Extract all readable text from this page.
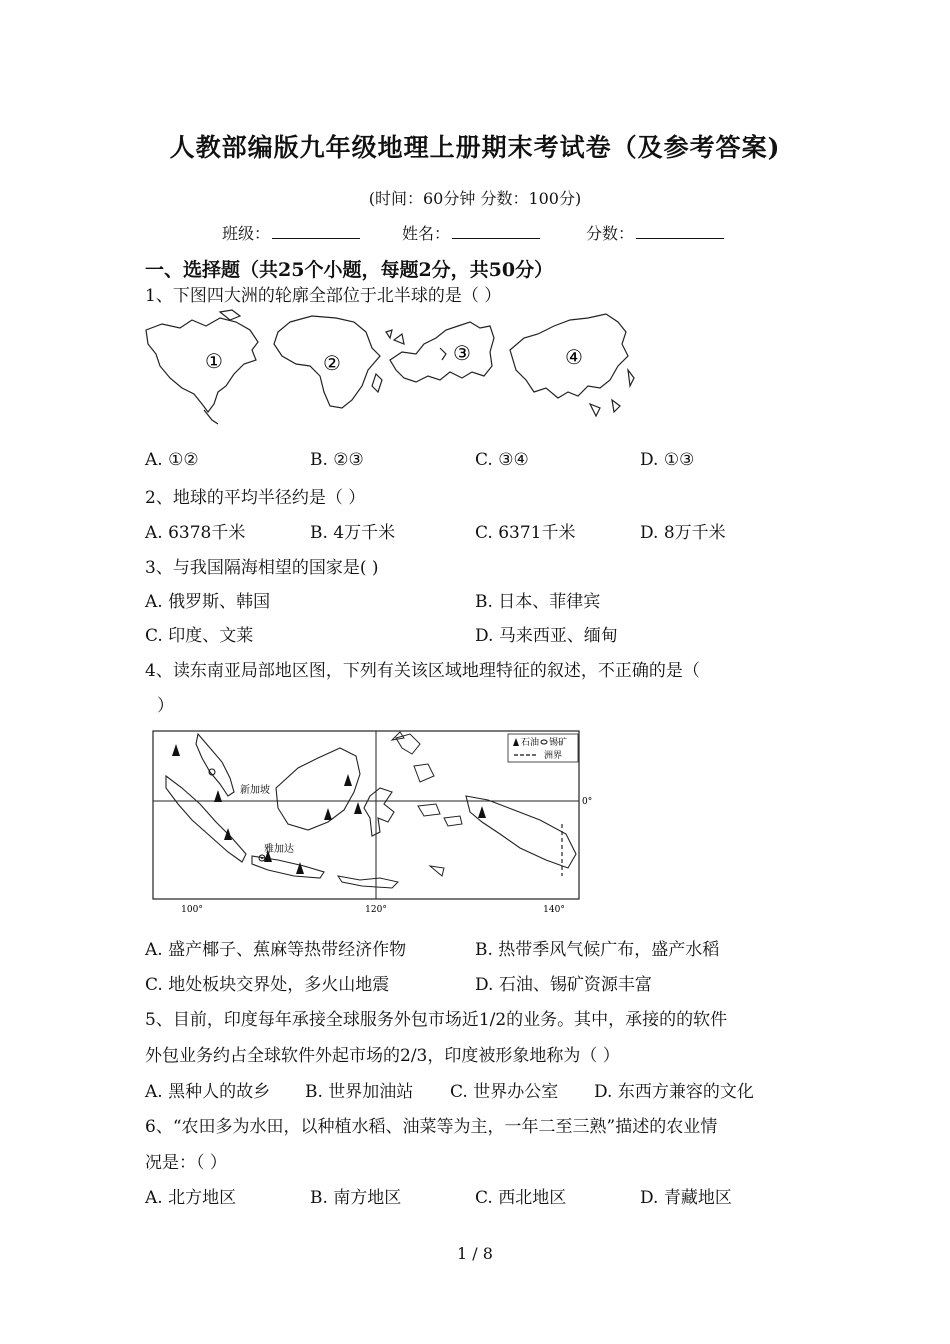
人教部编版九年级地理上册期末考试卷（及参考答案)
(时间：60分钟 分数：100分)
班级：	姓名：	分数：
一、选择题（共25个小题，每题2分，共50分）
1、下图四大洲的轮廓全部位于北半球的是（ ）
①	②	③	④
A. ①②	B. ②③	C. ③④	D. ①③
2、地球的平均半径约是（ ）
A. 6378千米	B. 4万千米	C. 6371千米	D. 8万千米
3、与我国隔海相望的国家是( )
A. 俄罗斯、韩国	B. 日本、菲律宾
C. 印度、文莱	D. 马来西亚、缅甸
4、读东南亚局部地区图，下列有关该区域地理特征的叙述，不正确的是（
）
新加坡
雅加达
石油 锡矿
洲界
100°	120°	140°
0°
A. 盛产椰子、蕉麻等热带经济作物	B. 热带季风气候广布，盛产水稻
C. 地处板块交界处，多火山地震	D. 石油、锡矿资源丰富
5、目前，印度每年承接全球服务外包市场近1/2的业务。其中，承接的的软件
外包业务约占全球软件外起市场的2/3，印度被形象地称为（ ）
A. 黑种人的故乡 B. 世界加油站 C. 世界办公室 D. 东西方兼容的文化
6、“农田多为水田，以种植水稻、油菜等为主，一年二至三熟”描述的农业情
况是：（ ）
A. 北方地区	B. 南方地区	C. 西北地区	D. 青藏地区
1 / 8
